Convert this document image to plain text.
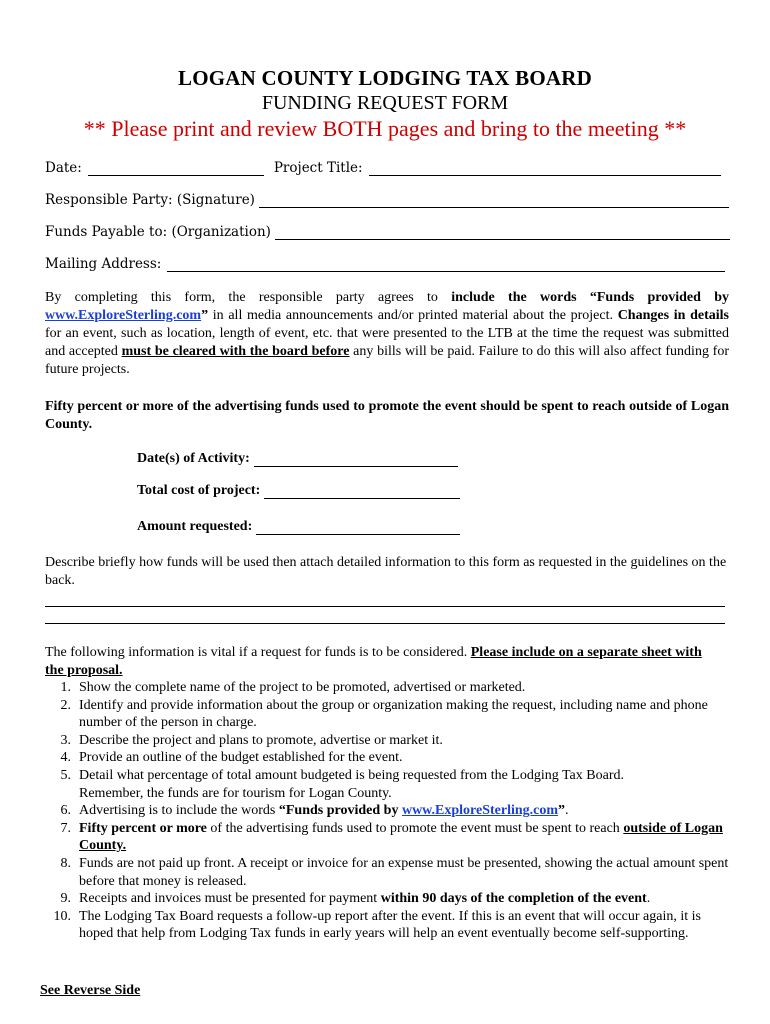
LOGAN COUNTY LODGING TAX BOARD
FUNDING REQUEST FORM
** Please print and review BOTH pages and bring to the meeting **
Date:	Project Title:
Responsible Party: (Signature)
Funds Payable to: (Organization)
Mailing Address:
By completing this form, the responsible party agrees to include the words “Funds provided by www.ExploreSterling.com” in all media announcements and/or printed material about the project. Changes in details for an event, such as location, length of event, etc. that were presented to the LTB at the time the request was submitted and accepted must be cleared with the board before any bills will be paid. Failure to do this will also affect funding for future projects.
Fifty percent or more of the advertising funds used to promote the event should be spent to reach outside of Logan County.
Date(s) of Activity:
Total cost of project:
Amount requested:
Describe briefly how funds will be used then attach detailed information to this form as requested in the guidelines on the back.
The following information is vital if a request for funds is to be considered. Please include on a separate sheet with the proposal.
1. Show the complete name of the project to be promoted, advertised or marketed.
2. Identify and provide information about the group or organization making the request, including name and phone number of the person in charge.
3. Describe the project and plans to promote, advertise or market it.
4. Provide an outline of the budget established for the event.
5. Detail what percentage of total amount budgeted is being requested from the Lodging Tax Board.
Remember, the funds are for tourism for Logan County.
6. Advertising is to include the words “Funds provided by www.ExploreSterling.com”.
7. Fifty percent or more of the advertising funds used to promote the event must be spent to reach outside of Logan County.
8. Funds are not paid up front. A receipt or invoice for an expense must be presented, showing the actual amount spent before that money is released.
9. Receipts and invoices must be presented for payment within 90 days of the completion of the event.
10. The Lodging Tax Board requests a follow-up report after the event. If this is an event that will occur again, it is hoped that help from Lodging Tax funds in early years will help an event eventually become self-supporting.
See Reverse Side
